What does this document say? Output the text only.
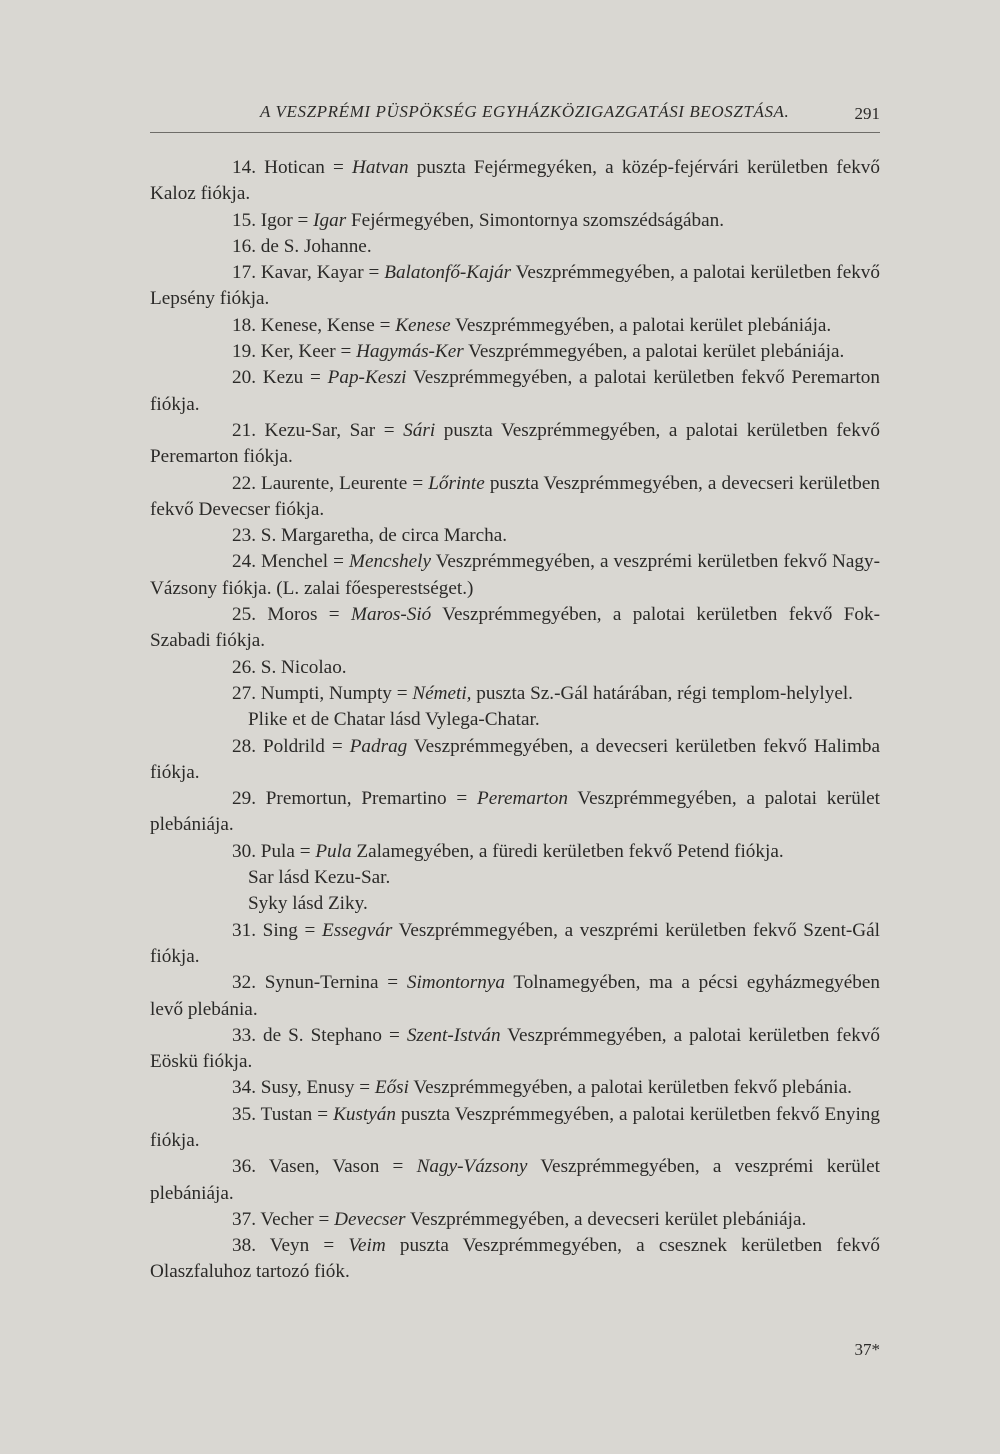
A VESZPRÉMI PÜSPÖKSÉG EGYHÁZKÖZIGAZGATÁSI BEOSZTÁSA.	291

14. Hotican = Hatvan puszta Fejérmegyéken, a közép-fejérvári kerületben fekvő Kaloz fiókja.

15. Igor = Igar Fejérmegyében, Simontornya szomszédságában.

16. de S. Johanne.

17. Kavar, Kayar = Balatonfő-Kajár Veszprémmegyében, a palotai kerületben fekvő Lepsény fiókja.

18. Kenese, Kense = Kenese Veszprémmegyében, a palotai kerület plebániája.

19. Ker, Keer = Hagymás-Ker Veszprémmegyében, a palotai kerület plebániája.

20. Kezu = Pap-Keszi Veszprémmegyében, a palotai kerületben fekvő Peremarton fiókja.

21. Kezu-Sar, Sar = Sári puszta Veszprémmegyében, a palotai kerületben fekvő Peremarton fiókja.

22. Laurente, Leurente = Lőrinte puszta Veszprémmegyében, a devecseri kerületben fekvő Devecser fiókja.

23. S. Margaretha, de circa Marcha.

24. Menchel = Mencshely Veszprémmegyében, a veszprémi kerületben fekvő Nagy-Vázsony fiókja. (L. zalai főesperestséget.)

25. Moros = Maros-Sió Veszprémmegyében, a palotai kerületben fekvő Fok-Szabadi fiókja.

26. S. Nicolao.

27. Numpti, Numpty = Németi, puszta Sz.-Gál határában, régi templom-helylyel.

Plike et de Chatar lásd Vylega-Chatar.

28. Poldrild = Padrag Veszprémmegyében, a devecseri kerületben fekvő Halimba fiókja.

29. Premortun, Premartino = Peremarton Veszprémmegyében, a palotai kerület plebániája.

30. Pula = Pula Zalamegyében, a füredi kerületben fekvő Petend fiókja.

Sar lásd Kezu-Sar.

Syky lásd Ziky.

31. Sing = Essegvár Veszprémmegyében, a veszprémi kerületben fekvő Szent-Gál fiókja.

32. Synun-Ternina = Simontornya Tolnamegyében, ma a pécsi egyházmegyében levő plebánia.

33. de S. Stephano = Szent-István Veszprémmegyében, a palotai kerületben fekvő Eöskü fiókja.

34. Susy, Enusy = Eősi Veszprémmegyében, a palotai kerületben fekvő plebánia.

35. Tustan = Kustyán puszta Veszprémmegyében, a palotai kerületben fekvő Enying fiókja.

36. Vasen, Vason = Nagy-Vázsony Veszprémmegyében, a veszprémi kerület plebániája.

37. Vecher = Devecser Veszprémmegyében, a devecseri kerület plebániája.

38. Veyn = Veim puszta Veszprémmegyében, a csesznek kerületben fekvő Olaszfaluhoz tartozó fiók.

37*
